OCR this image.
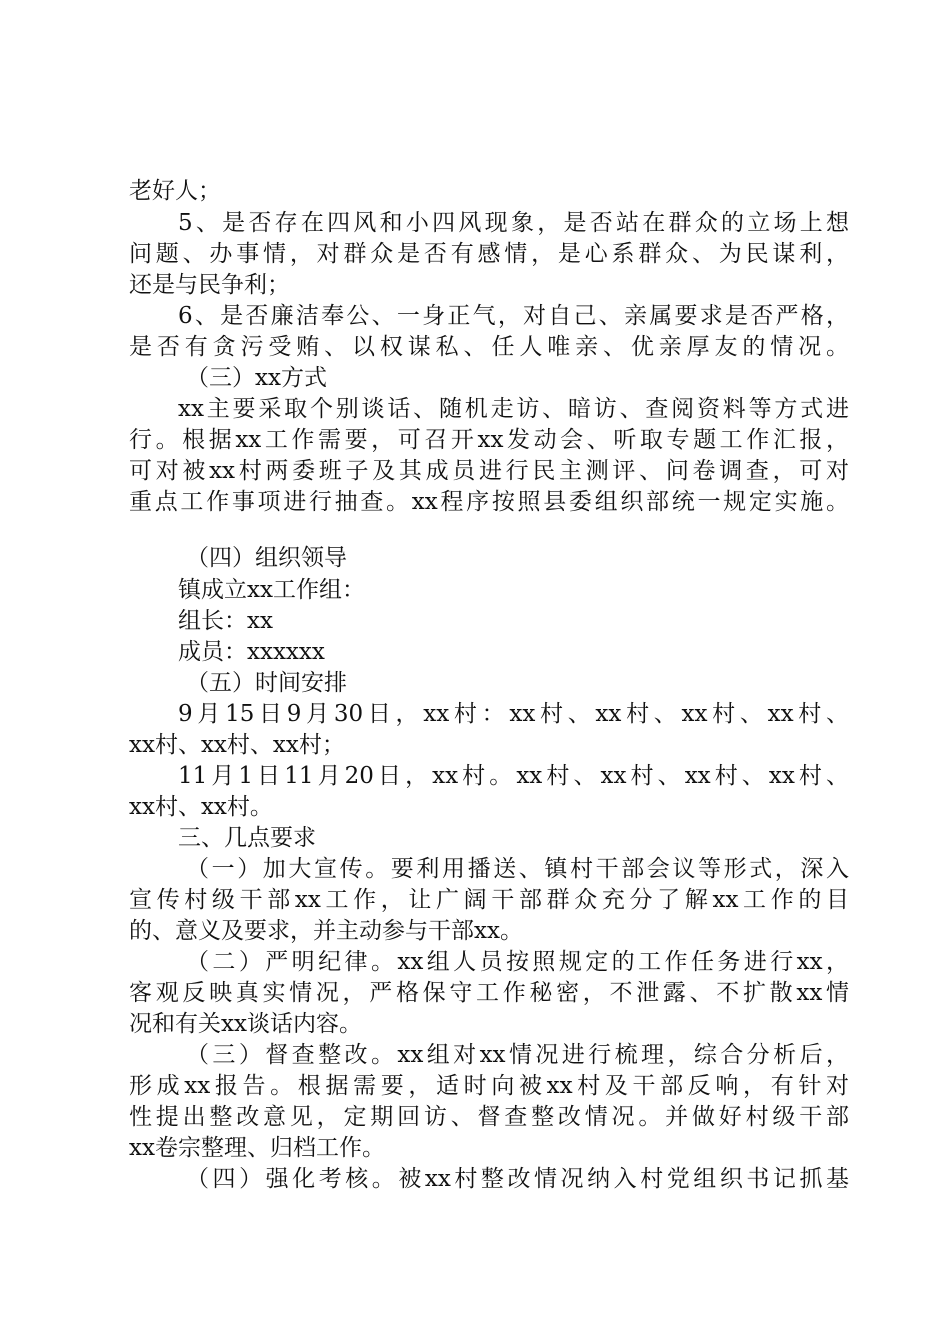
老好人；
5、是否存在四风和小四风现象，是否站在群众的立场上想
问题、办事情，对群众是否有感情，是心系群众、为民谋利，
还是与民争利；
6、是否廉洁奉公、一身正气，对自己、亲属要求是否严格，
是否有贪污受贿、以权谋私、任人唯亲、优亲厚友的情况。
（三）xx方式
xx主要采取个别谈话、随机走访、暗访、查阅资料等方式进
行。根据xx工作需要，可召开xx发动会、听取专题工作汇报，
可对被xx村两委班子及其成员进行民主测评、问卷调查，可对
重点工作事项进行抽查。xx程序按照县委组织部统一规定实施。
（四）组织领导
镇成立xx工作组：
组长：xx
成员：xxxxxx
（五）时间安排
9月15日9月30日，xx村：xx村、xx村、xx村、xx村、
xx村、xx村、xx村；
11月1日11月20日，xx村。xx村、xx村、xx村、xx村、
xx村、xx村。
三、几点要求
（一）加大宣传。要利用播送、镇村干部会议等形式，深入
宣传村级干部xx工作，让广阔干部群众充分了解xx工作的目
的、意义及要求，并主动参与干部xx。
（二）严明纪律。xx组人员按照规定的工作任务进行xx，
客观反映真实情况，严格保守工作秘密，不泄露、不扩散xx情
况和有关xx谈话内容。
（三）督查整改。xx组对xx情况进行梳理，综合分析后，
形成xx报告。根据需要，适时向被xx村及干部反响，有针对
性提出整改意见，定期回访、督查整改情况。并做好村级干部
xx卷宗整理、归档工作。
（四）强化考核。被xx村整改情况纳入村党组织书记抓基
